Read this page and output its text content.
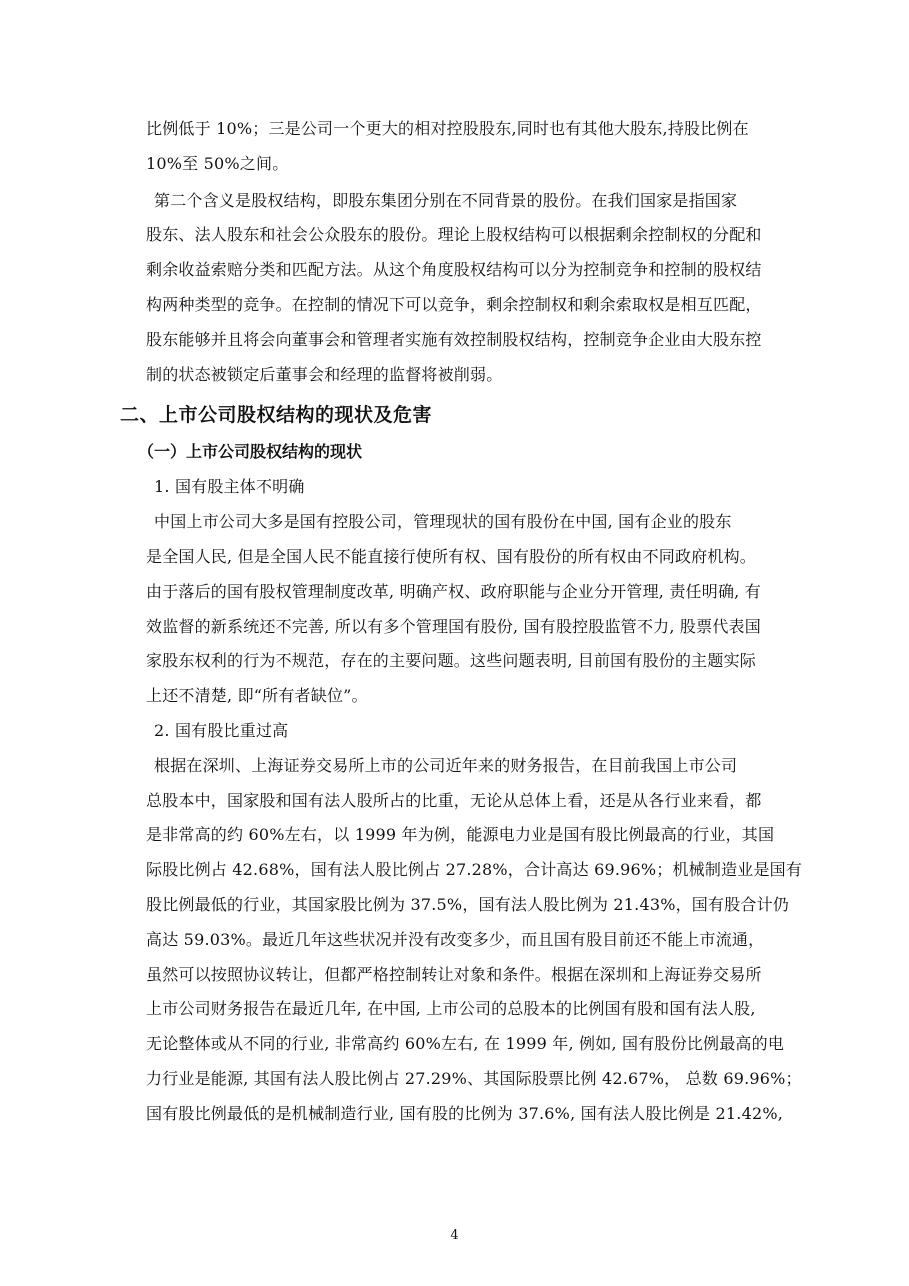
比例低于 10%；三是公司一个更大的相对控股股东,同时也有其他大股东,持股比例在
10%至 50%之间。

第二个含义是股权结构，即股东集团分别在不同背景的股份。在我们国家是指国家
股东、法人股东和社会公众股东的股份。理论上股权结构可以根据剩余控制权的分配和
剩余收益索赔分类和匹配方法。从这个角度股权结构可以分为控制竞争和控制的股权结
构两种类型的竞争。在控制的情况下可以竞争，剩余控制权和剩余索取权是相互匹配，
股东能够并且将会向董事会和管理者实施有效控制股权结构，控制竞争企业由大股东控
制的状态被锁定后董事会和经理的监督将被削弱。

二、上市公司股权结构的现状及危害
（一）上市公司股权结构的现状

1. 国有股主体不明确

中国上市公司大多是国有控股公司，管理现状的国有股份在中国, 国有企业的股东
是全国人民, 但是全国人民不能直接行使所有权、国有股份的所有权由不同政府机构。
由于落后的国有股权管理制度改革, 明确产权、政府职能与企业分开管理, 责任明确, 有
效监督的新系统还不完善, 所以有多个管理国有股份, 国有股控股监管不力, 股票代表国
家股东权利的行为不规范，存在的主要问题。这些问题表明, 目前国有股份的主题实际
上还不清楚, 即“所有者缺位”。

2. 国有股比重过高

根据在深圳、上海证券交易所上市的公司近年来的财务报告，在目前我国上市公司
总股本中，国家股和国有法人股所占的比重，无论从总体上看，还是从各行业来看，都
是非常高的约 60%左右，以 1999 年为例，能源电力业是国有股比例最高的行业，其国
际股比例占 42.68%，国有法人股比例占 27.28%，合计高达 69.96%；机械制造业是国有
股比例最低的行业，其国家股比例为 37.5%，国有法人股比例为 21.43%，国有股合计仍
高达 59.03%。最近几年这些状况并没有改变多少，而且国有股目前还不能上市流通，
虽然可以按照协议转让，但都严格控制转让对象和条件。根据在深圳和上海证券交易所
上市公司财务报告在最近几年, 在中国, 上市公司的总股本的比例国有股和国有法人股,
无论整体或从不同的行业, 非常高约 60%左右, 在 1999 年, 例如, 国有股份比例最高的电
力行业是能源, 其国有法人股比例占 27.29%、其国际股票比例 42.67%， 总数 69.96%；
国有股比例最低的是机械制造行业, 国有股的比例为 37.6%, 国有法人股比例是 21.42%,

4
